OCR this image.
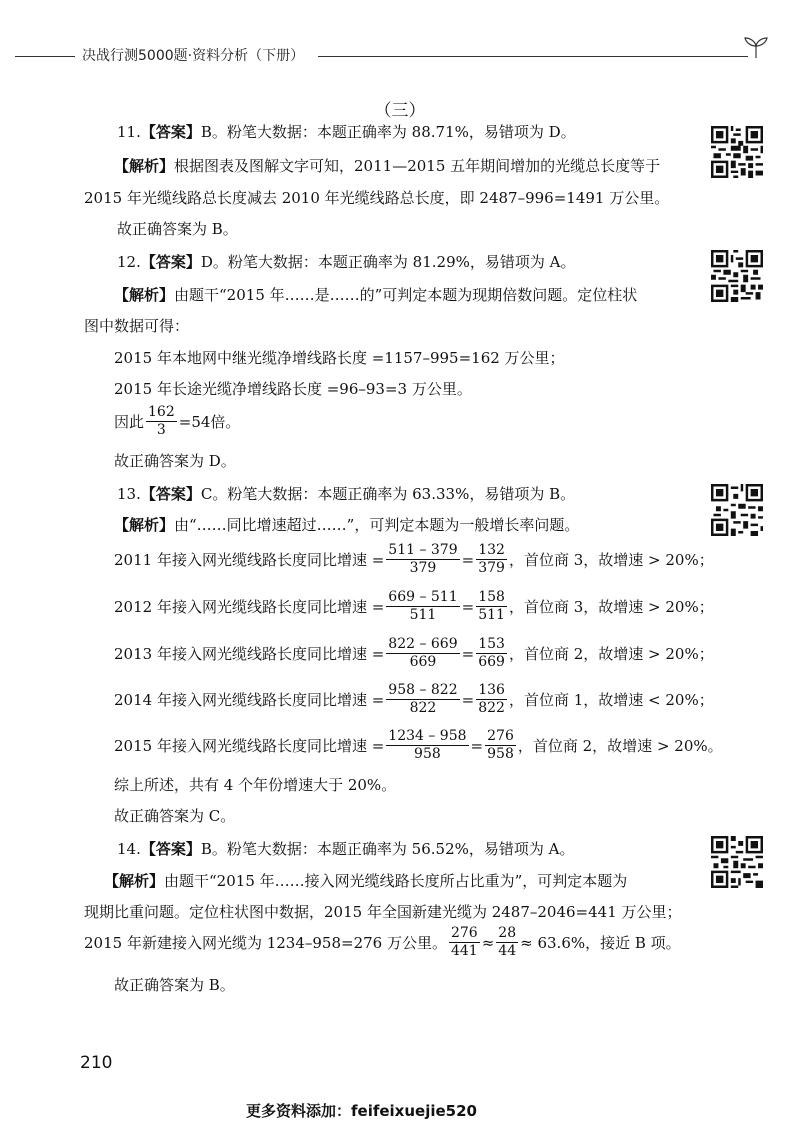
决战行测5000题·资料分析（下册）
（三）
11.【答案】B。粉笔大数据：本题正确率为 88.71%，易错项为 D。
【解析】根据图表及图解文字可知，2011—2015 五年期间增加的光缆总长度等于
2015 年光缆线路总长度减去 2010 年光缆线路总长度，即 2487–996=1491 万公里。
故正确答案为 B。
12.【答案】D。粉笔大数据：本题正确率为 81.29%，易错项为 A。
【解析】由题干“2015 年……是……的”可判定本题为现期倍数问题。定位柱状
图中数据可得：
2015 年本地网中继光缆净增线路长度 =1157–995=162 万公里；
2015 年长途光缆净增线路长度 =96–93=3 万公里。
因此 $\frac{162}{3} =54$倍。
故正确答案为 D。
13.【答案】C。粉笔大数据：本题正确率为 63.33%，易错项为 B。
【解析】由“……同比增速超过……”，可判定本题为一般增长率问题。
2011 年接入网光缆线路长度同比增速 = $\frac{511 - 379}{379} = \frac{132}{379}$ ，首位商 3，故增速 > 20%；
2012 年接入网光缆线路长度同比增速 = $\frac{669 - 511}{511} = \frac{158}{511}$ ，首位商 3，故增速 > 20%；
2013 年接入网光缆线路长度同比增速 = $\frac{822 - 669}{669} = \frac{153}{669}$ ，首位商 2，故增速 > 20%；
2014 年接入网光缆线路长度同比增速 = $\frac{958 - 822}{822} = \frac{136}{822}$ ，首位商 1，故增速 < 20%；
2015 年接入网光缆线路长度同比增速 = $\frac{1234 - 958}{958} = \frac{276}{958}$ ，首位商 2，故增速 > 20%。
综上所述，共有 4 个年份增速大于 20%。
故正确答案为 C。
14.【答案】B。粉笔大数据：本题正确率为 56.52%，易错项为 A。
【解析】由题干“2015 年……接入网光缆线路长度所占比重为”，可判定本题为
现期比重问题。定位柱状图中数据，2015 年全国新建光缆为 2487–2046=441 万公里；
2015 年新建接入网光缆为 1234–958=276 万公里。 $\frac{276}{441} \approx \frac{28}{44} \approx 63.6\%$，接近 B 项。
故正确答案为 B。
210
更多资料添加：feifeixuejie520
